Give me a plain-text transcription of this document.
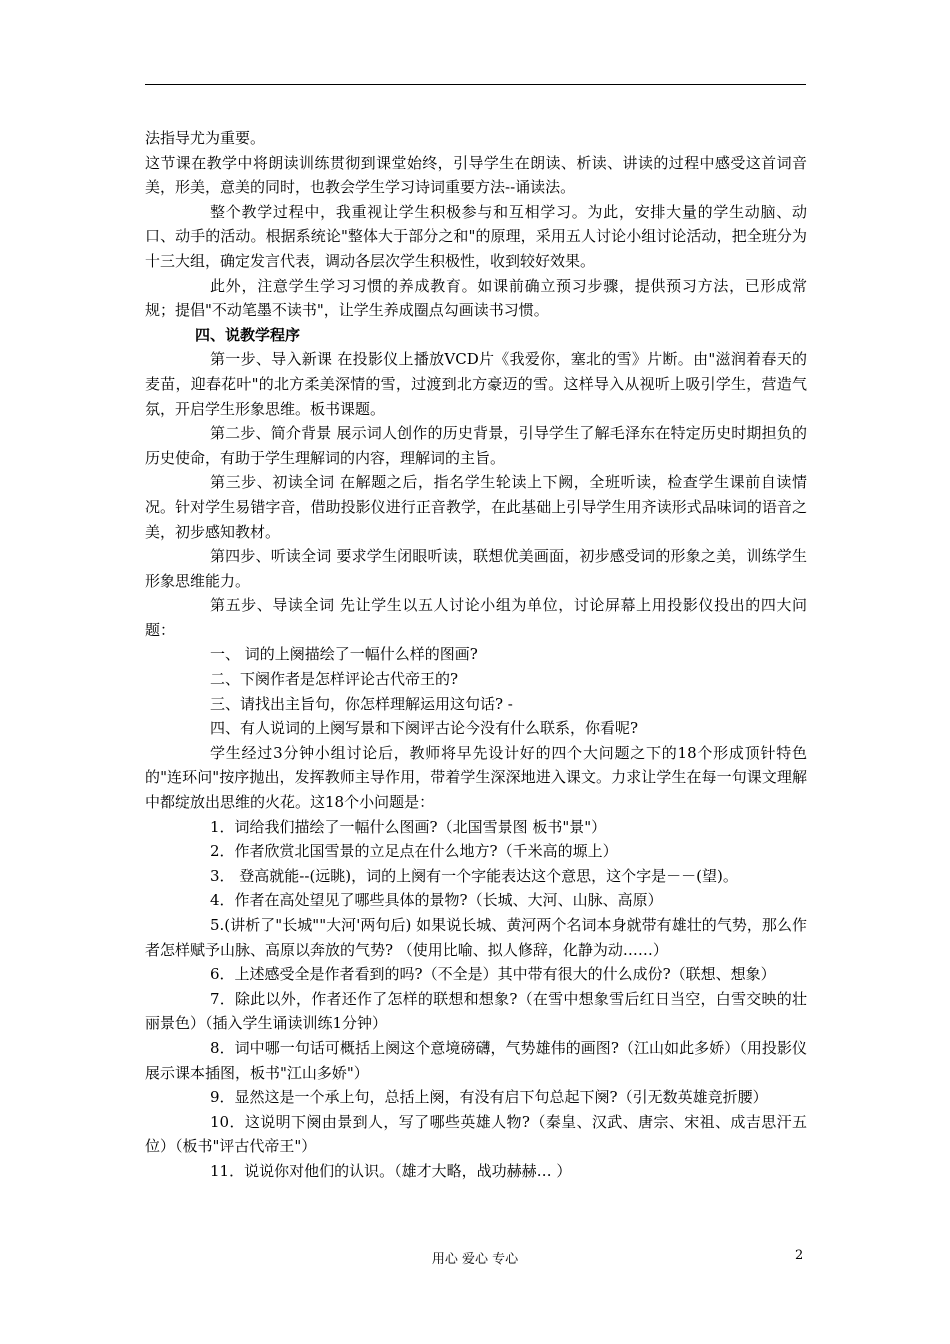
法指导尤为重要。

这节课在教学中将朗读训练贯彻到课堂始终，引导学生在朗读、析读、讲读的过程中感受这首词音美，形美，意美的同时，也教会学生学习诗词重要方法--诵读法。

整个教学过程中，我重视让学生积极参与和互相学习。为此，安排大量的学生动脑、动口、动手的活动。根据系统论"整体大于部分之和"的原理，采用五人讨论小组讨论活动，把全班分为十三大组，确定发言代表，调动各层次学生积极性，收到较好效果。

此外，注意学生学习习惯的养成教育。如课前确立预习步骤，提供预习方法，已形成常规；提倡"不动笔墨不读书"，让学生养成圈点勾画读书习惯。

四、说教学程序

第一步、导入新课 在投影仪上播放VCD片《我爱你，塞北的雪》片断。由"滋润着春天的麦苗，迎春花叶"的北方柔美深情的雪，过渡到北方豪迈的雪。这样导入从视听上吸引学生，营造气氛，开启学生形象思维。板书课题。

第二步、简介背景 展示词人创作的历史背景，引导学生了解毛泽东在特定历史时期担负的历史使命，有助于学生理解词的内容，理解词的主旨。

第三步、初读全词 在解题之后，指名学生轮读上下阙，全班听读，检查学生课前自读情况。针对学生易错字音，借助投影仪进行正音教学，在此基础上引导学生用齐读形式品味词的语音之美，初步感知教材。

第四步、听读全词 要求学生闭眼听读，联想优美画面，初步感受词的形象之美，训练学生形象思维能力。

第五步、导读全词 先让学生以五人讨论小组为单位，讨论屏幕上用投影仪投出的四大问题：

一、 词的上阕描绘了一幅什么样的图画?

二、下阕作者是怎样评论古代帝王的?

三、请找出主旨句，你怎样理解运用这句话? -

四、有人说词的上阕写景和下阕评古论今没有什么联系，你看呢?

学生经过3分钟小组讨论后，教师将早先设计好的四个大问题之下的18个形成顶针特色的"连环问"按序抛出，发挥教师主导作用，带着学生深深地进入课文。力求让学生在每一句课文理解中都绽放出思维的火花。这18个小问题是：

1．词给我们描绘了一幅什么图画?（北国雪景图 板书"景"）

2．作者欣赏北国雪景的立足点在什么地方?（千米高的塬上）

3． 登高就能--(远眺)，词的上阕有一个字能表达这个意思，这个字是－－(望)。

4．作者在高处望见了哪些具体的景物?（长城、大河、山脉、高原）

5.(讲析了"长城""大河'两句后) 如果说长城、黄河两个名词本身就带有雄壮的气势，那么作者怎样赋予山脉、高原以奔放的气势? （使用比喻、拟人修辞，化静为动……）

6．上述感受全是作者看到的吗?（不全是）其中带有很大的什么成份?（联想、想象）

7．除此以外，作者还作了怎样的联想和想象?（在雪中想象雪后红日当空，白雪交映的壮丽景色）（插入学生诵读训练1分钟）

8．词中哪一句话可概括上阕这个意境磅礴，气势雄伟的画图?（江山如此多娇）（用投影仪展示课本插图，板书"江山多娇"）

9．显然这是一个承上句，总括上阕，有没有启下句总起下阕?（引无数英雄竞折腰）

10．这说明下阕由景到人，写了哪些英雄人物?（秦皇、汉武、唐宗、宋祖、成吉思汗五位）（板书"评古代帝王"）

11．说说你对他们的认识。（雄才大略，战功赫赫… ）

用心 爱心 专心	2
